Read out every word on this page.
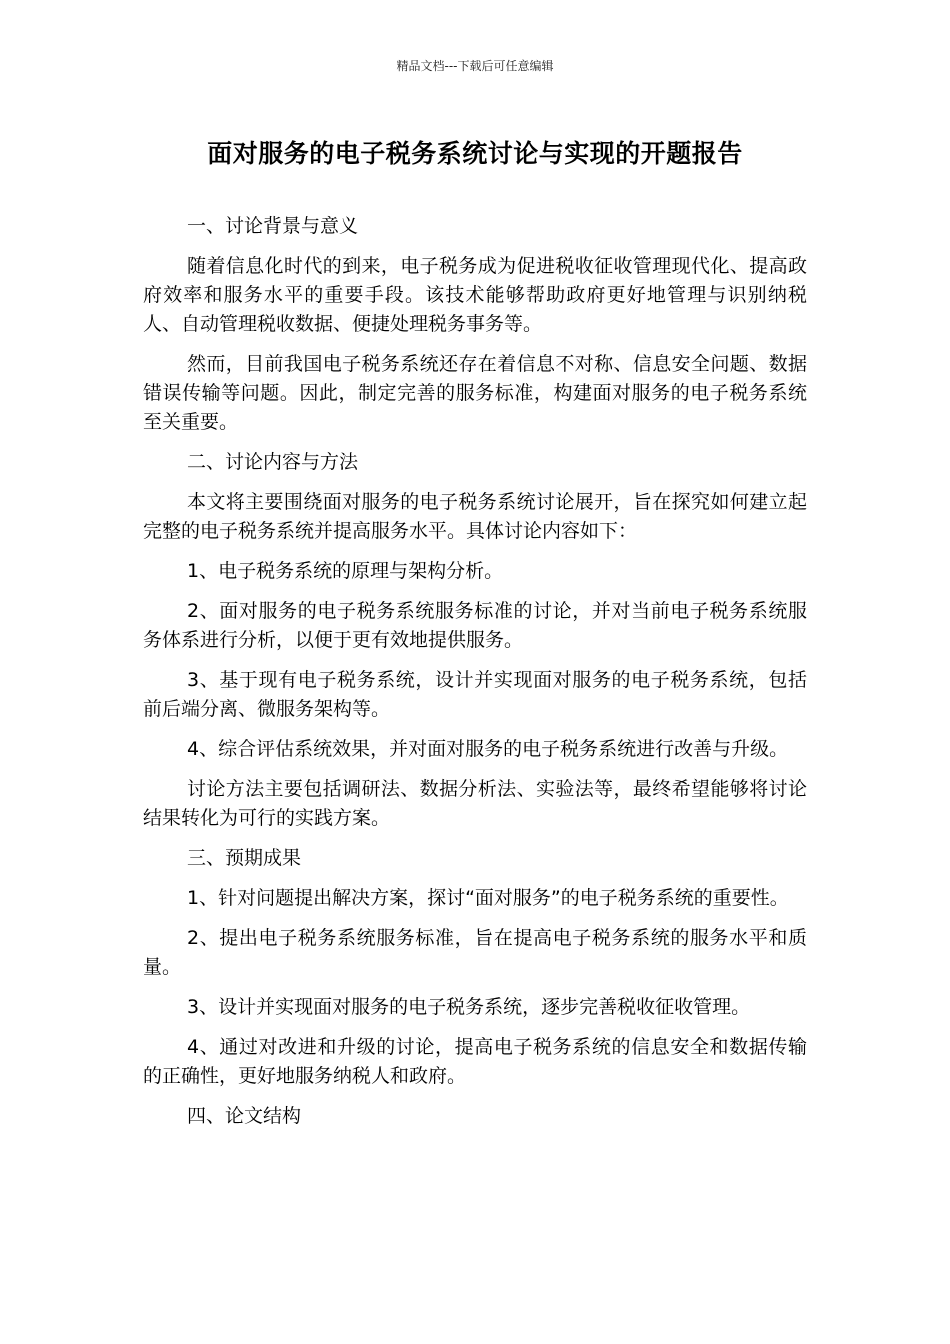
精品文档---下载后可任意编辑
面对服务的电子税务系统讨论与实现的开题报告

一、讨论背景与意义

随着信息化时代的到来，电子税务成为促进税收征收管理现代化、提高政府效率和服务水平的重要手段。该技术能够帮助政府更好地管理与识别纳税人、自动管理税收数据、便捷处理税务事务等。

然而，目前我国电子税务系统还存在着信息不对称、信息安全问题、数据错误传输等问题。因此，制定完善的服务标准，构建面对服务的电子税务系统至关重要。

二、讨论内容与方法

本文将主要围绕面对服务的电子税务系统讨论展开，旨在探究如何建立起完整的电子税务系统并提高服务水平。具体讨论内容如下：

1、电子税务系统的原理与架构分析。

2、面对服务的电子税务系统服务标准的讨论，并对当前电子税务系统服务体系进行分析，以便于更有效地提供服务。

3、基于现有电子税务系统，设计并实现面对服务的电子税务系统，包括前后端分离、微服务架构等。

4、综合评估系统效果，并对面对服务的电子税务系统进行改善与升级。

讨论方法主要包括调研法、数据分析法、实验法等，最终希望能够将讨论结果转化为可行的实践方案。

三、预期成果

1、针对问题提出解决方案，探讨“面对服务”的电子税务系统的重要性。

2、提出电子税务系统服务标准，旨在提高电子税务系统的服务水平和质量。

3、设计并实现面对服务的电子税务系统，逐步完善税收征收管理。

4、通过对改进和升级的讨论，提高电子税务系统的信息安全和数据传输的正确性，更好地服务纳税人和政府。

四、论文结构
